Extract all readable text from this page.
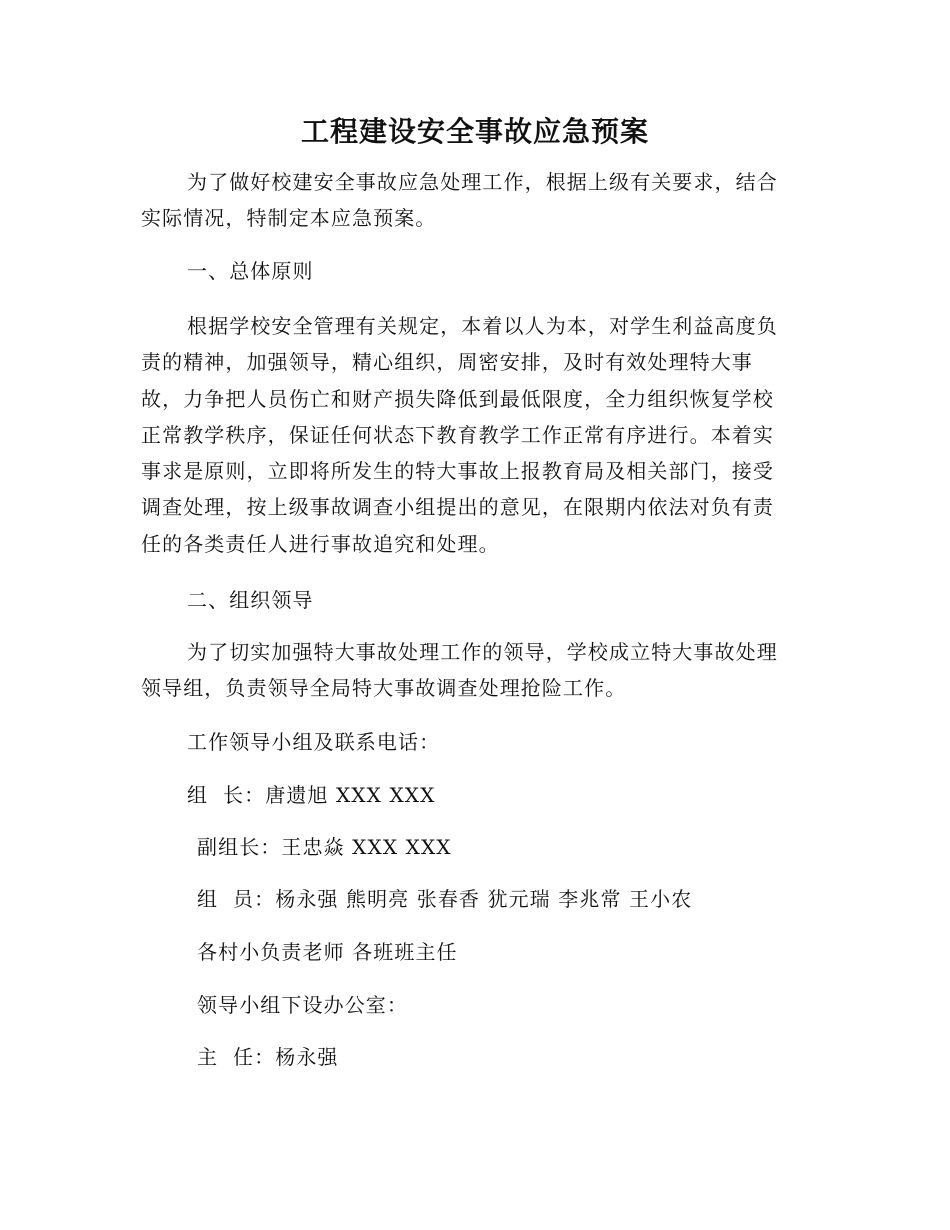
工程建设安全事故应急预案
为了做好校建安全事故应急处理工作，根据上级有关要求，结合
实际情况，特制定本应急预案。

一、总体原则

根据学校安全管理有关规定，本着以人为本，对学生利益高度负
责的精神，加强领导，精心组织，周密安排，及时有效处理特大事
故，力争把人员伤亡和财产损失降低到最低限度，全力组织恢复学校
正常教学秩序，保证任何状态下教育教学工作正常有序进行。本着实
事求是原则，立即将所发生的特大事故上报教育局及相关部门，接受
调查处理，按上级事故调查小组提出的意见，在限期内依法对负有责
任的各类责任人进行事故追究和处理。

二、组织领导

为了切实加强特大事故处理工作的领导，学校成立特大事故处理
领导组，负责领导全局特大事故调查处理抢险工作。

工作领导小组及联系电话：

组  长：唐遗旭 XXX XXX

副组长：王忠焱 XXX XXX

组  员：杨永强 熊明亮 张春香 犹元瑞 李兆常 王小农

各村小负责老师 各班班主任

领导小组下设办公室：

主  任：杨永强
